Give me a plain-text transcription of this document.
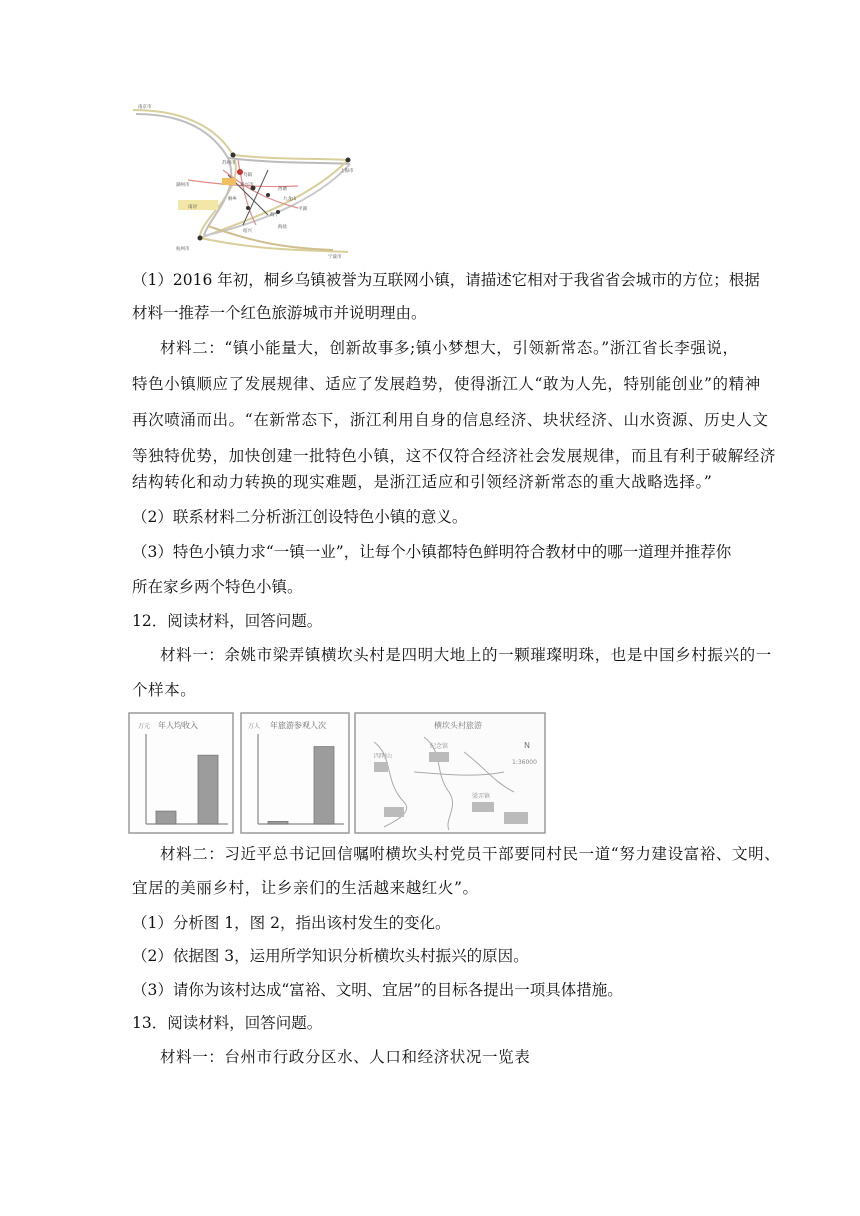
南京市
苏州市
上海市
湖州市	嘉兴市
桐乡
乌镇
西塘
杭州市
海宁
平湖
海盐
宁波市
绍兴
南浔
九龙山
（1）2016 年初，桐乡乌镇被誉为互联网小镇，请描述它相对于我省省会城市的方位；根据
材料一推荐一个红色旅游城市并说明理由。
材料二：“镇小能量大，创新故事多;镇小梦想大，引领新常态。”浙江省长李强说，
特色小镇顺应了发展规律、适应了发展趋势，使得浙江人“敢为人先，特别能创业”的精神
再次喷涌而出。“在新常态下，浙江利用自身的信息经济、块状经济、山水资源、历史人文
等独特优势，加快创建一批特色小镇，这不仅符合经济社会发展规律，而且有利于破解经济
结构转化和动力转换的现实难题，是浙江适应和引领经济新常态的重大战略选择。”
（2）联系材料二分析浙江创设特色小镇的意义。
（3）特色小镇力求“一镇一业”，让每个小镇都特色鲜明符合教材中的哪一道理并推荐你
所在家乡两个特色小镇。
12．阅读材料，回答问题。
材料一：余姚市梁弄镇横坎头村是四明大地上的一颗璀璨明珠，也是中国乡村振兴的一
个样本。
年人均收入
万元	年旅游参观人次
万人	横坎头村旅游
N
1:36000
纪念馆
四明山
梁弄镇
材料二：习近平总书记回信嘱咐横坎头村党员干部要同村民一道“努力建设富裕、文明、
宜居的美丽乡村，让乡亲们的生活越来越红火”。
（1）分析图 1，图 2，指出该村发生的变化。
（2）依据图 3，运用所学知识分析横坎头村振兴的原因。
（3）请你为该村达成“富裕、文明、宜居”的目标各提出一项具体措施。
13．阅读材料，回答问题。
材料一：台州市行政分区水、人口和经济状况一览表
